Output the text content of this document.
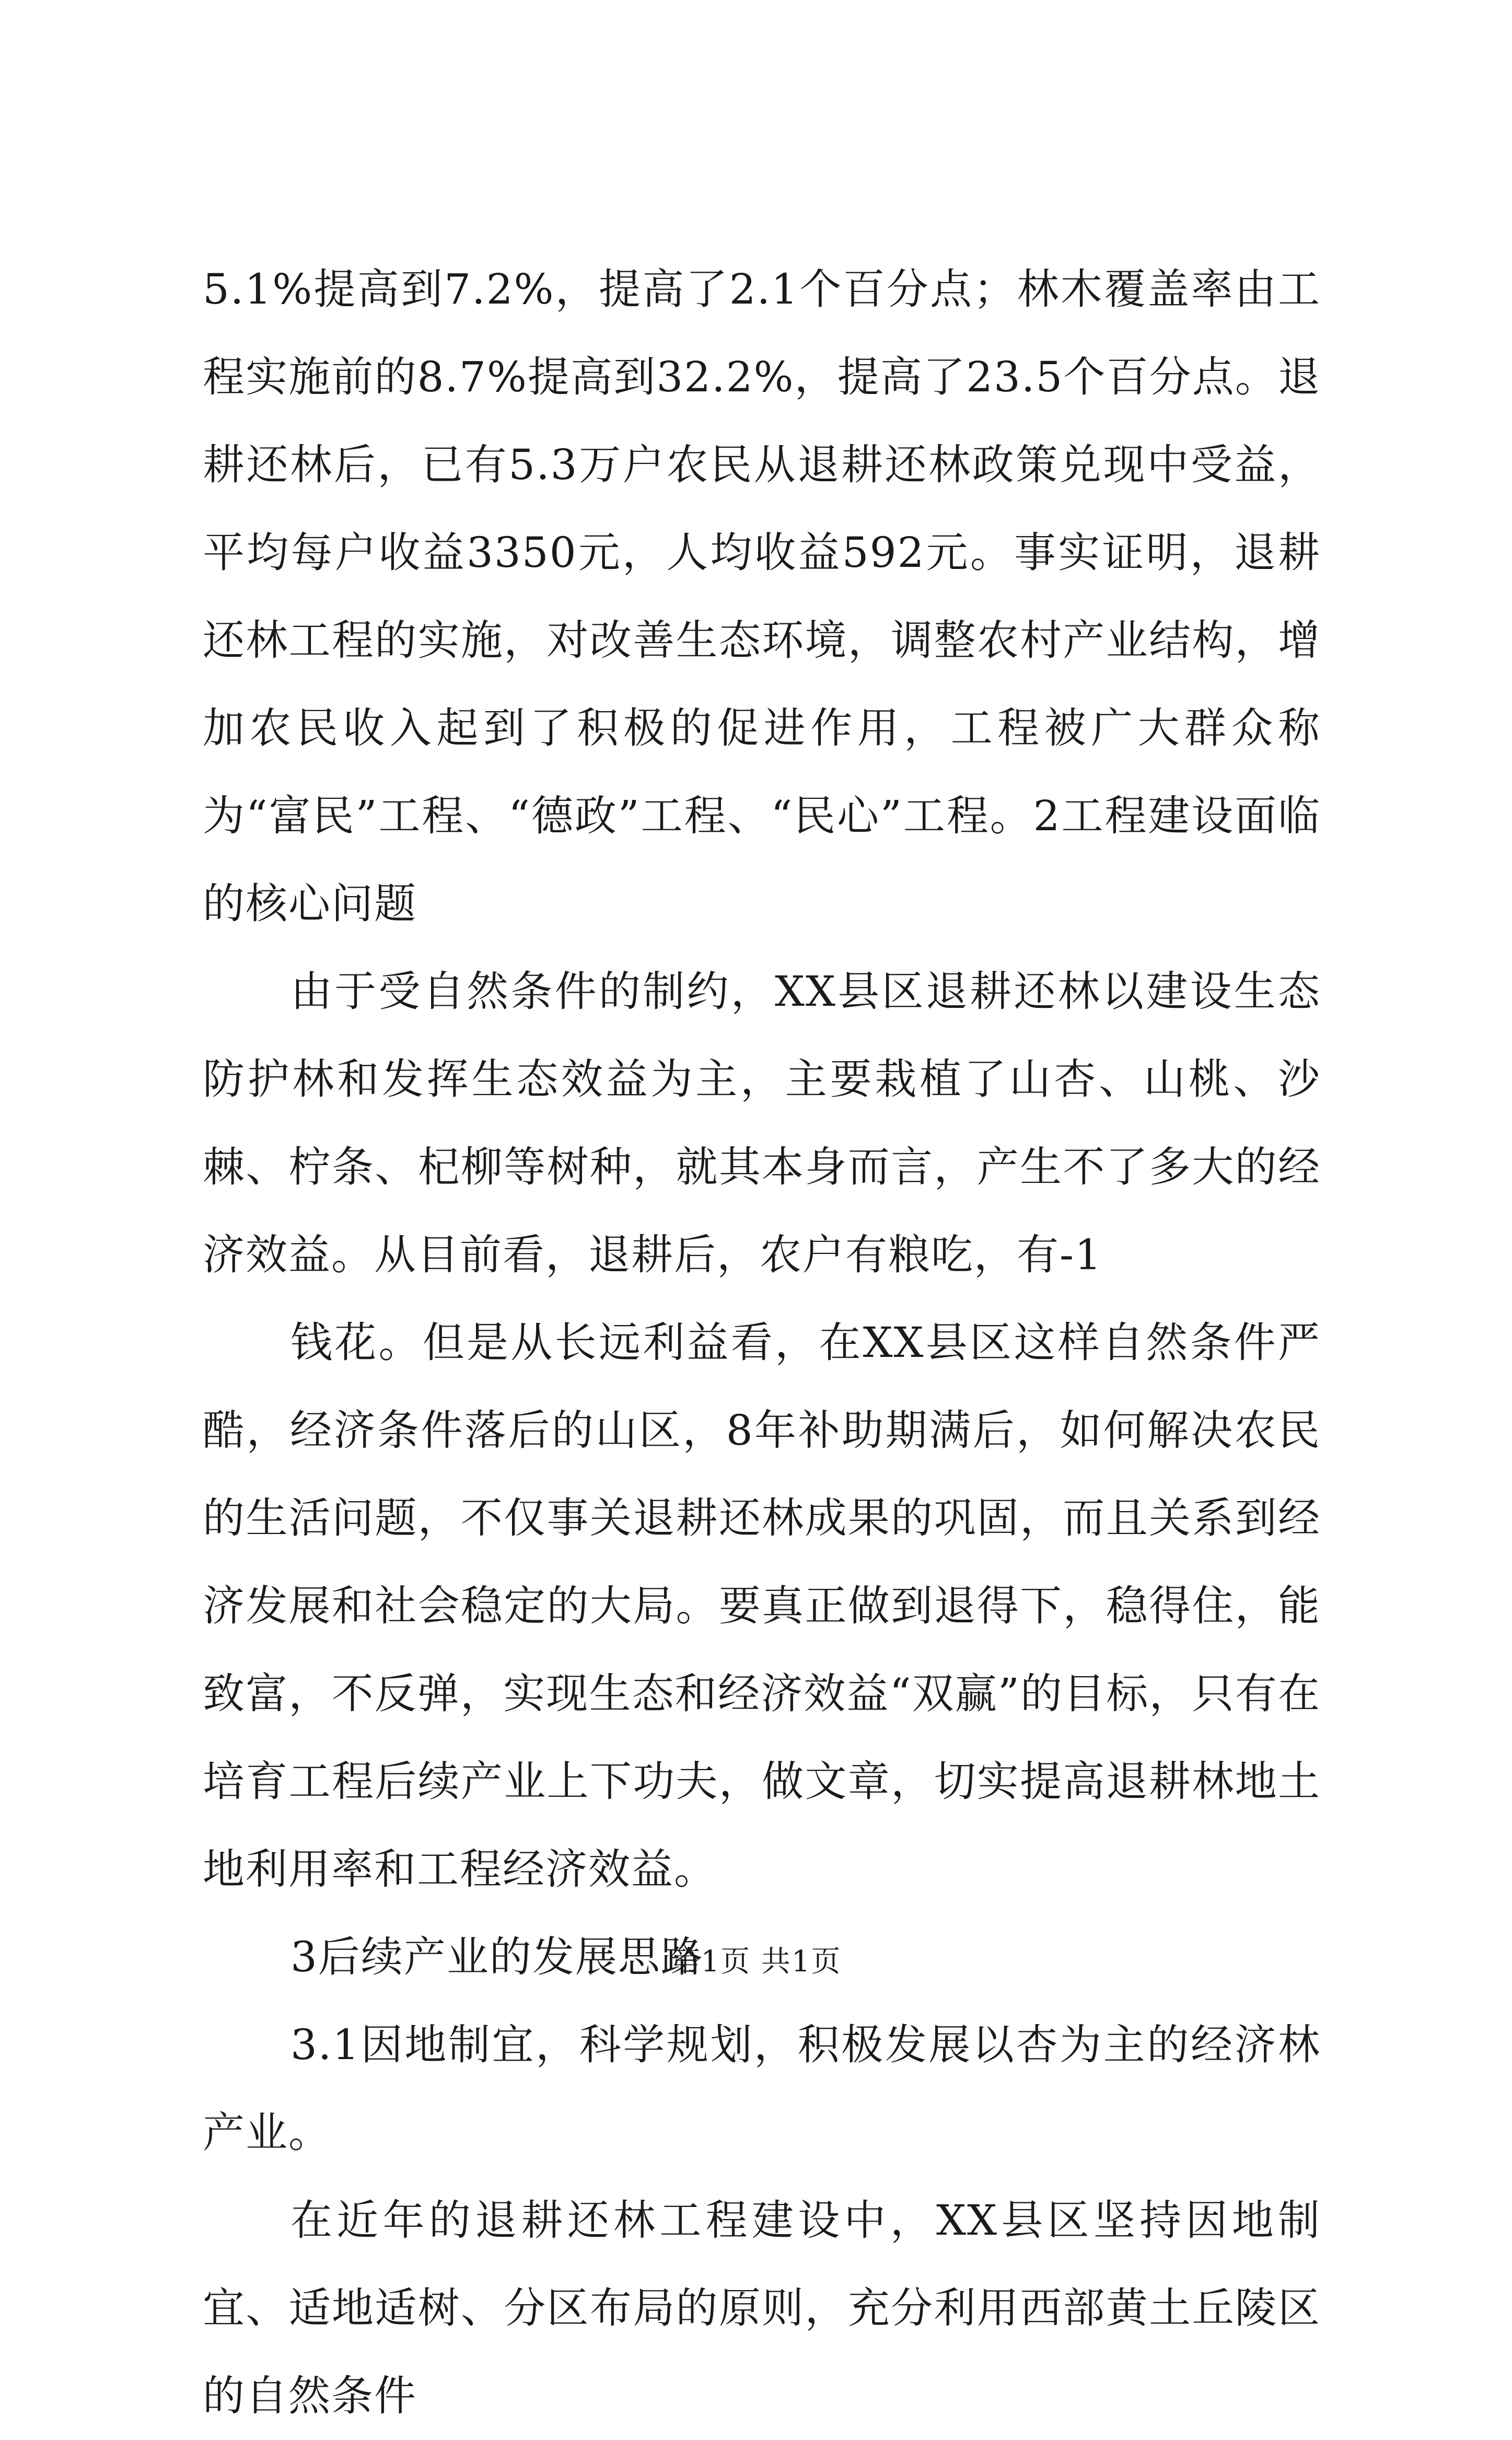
5.1%提高到7.2%，提高了2.1个百分点；林木覆盖率由工程实施前的8.7%提高到32.2%，提高了23.5个百分点。退耕还林后，已有5.3万户农民从退耕还林政策兑现中受益，平均每户收益3350元，人均收益592元。事实证明，退耕还林工程的实施，对改善生态环境，调整农村产业结构，增加农民收入起到了积极的促进作用，工程被广大群众称为“富民”工程、“德政”工程、“民心”工程。2工程建设面临的核心问题

由于受自然条件的制约，XX县区退耕还林以建设生态防护林和发挥生态效益为主，主要栽植了山杏、山桃、沙棘、柠条、杞柳等树种，就其本身而言，产生不了多大的经济效益。从目前看，退耕后，农户有粮吃，有-1

钱花。但是从长远利益看，在XX县区这样自然条件严酷，经济条件落后的山区，8年补助期满后，如何解决农民的生活问题，不仅事关退耕还林成果的巩固，而且关系到经济发展和社会稳定的大局。要真正做到退得下，稳得住，能致富，不反弹，实现生态和经济效益“双赢”的目标，只有在培育工程后续产业上下功夫，做文章，切实提高退耕林地土地利用率和工程经济效益。

3后续产业的发展思路

3.1因地制宜，科学规划，积极发展以杏为主的经济林产业。

在近年的退耕还林工程建设中，XX县区坚持因地制宜、适地适树、分区布局的原则，充分利用西部黄土丘陵区的自然条件

第1页 共1页
